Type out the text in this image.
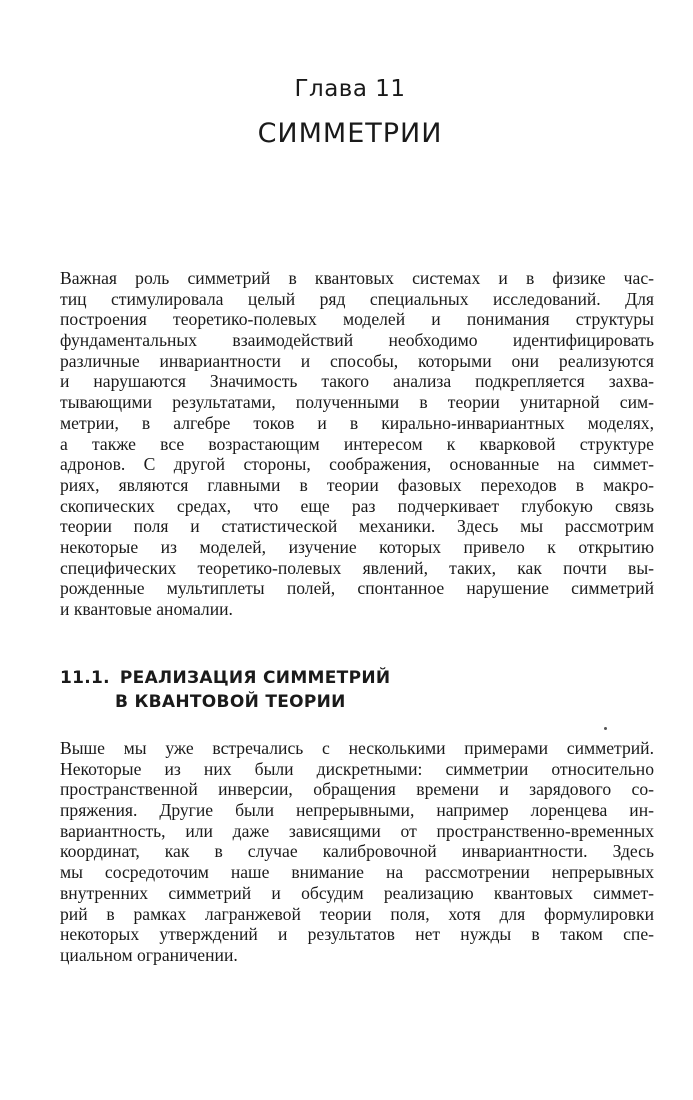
Глава 11
СИММЕТРИИ
Важная роль симметрий в квантовых системах и в физике час-
тиц стимулировала целый ряд специальных исследований. Для
построения теоретико-полевых моделей и понимания структуры
фундаментальных взаимодействий необходимо идентифицировать
различные инвариантности и способы, которыми они реализуются
и нарушаются Значимость такого анализа подкрепляется захва-
тывающими результатами, полученными в теории унитарной сим-
метрии, в алгебре токов и в кирально-инвариантных моделях,
а также все возрастающим интересом к кварковой структуре
адронов. С другой стороны, соображения, основанные на симмет-
риях, являются главными в теории фазовых переходов в макро-
скопических средах, что еще раз подчеркивает глубокую связь
теории поля и статистической механики. Здесь мы рассмотрим
некоторые из моделей, изучение которых привело к открытию
специфических теоретико-полевых явлений, таких, как почти вы-
рожденные мультиплеты полей, спонтанное нарушение симметрий
и квантовые аномалии.
11.1. РЕАЛИЗАЦИЯ СИММЕТРИЙ
В КВАНТОВОЙ ТЕОРИИ
Выше мы уже встречались с несколькими примерами симметрий.
Некоторые из них были дискретными: симметрии относительно
пространственной инверсии, обращения времени и зарядового со-
пряжения. Другие были непрерывными, например лоренцева ин-
вариантность, или даже зависящими от пространственно-временных
координат, как в случае калибровочной инвариантности. Здесь
мы сосредоточим наше внимание на рассмотрении непрерывных
внутренних симметрий и обсудим реализацию квантовых симмет-
рий в рамках лагранжевой теории поля, хотя для формулировки
некоторых утверждений и результатов нет нужды в таком спе-
циальном ограничении.
